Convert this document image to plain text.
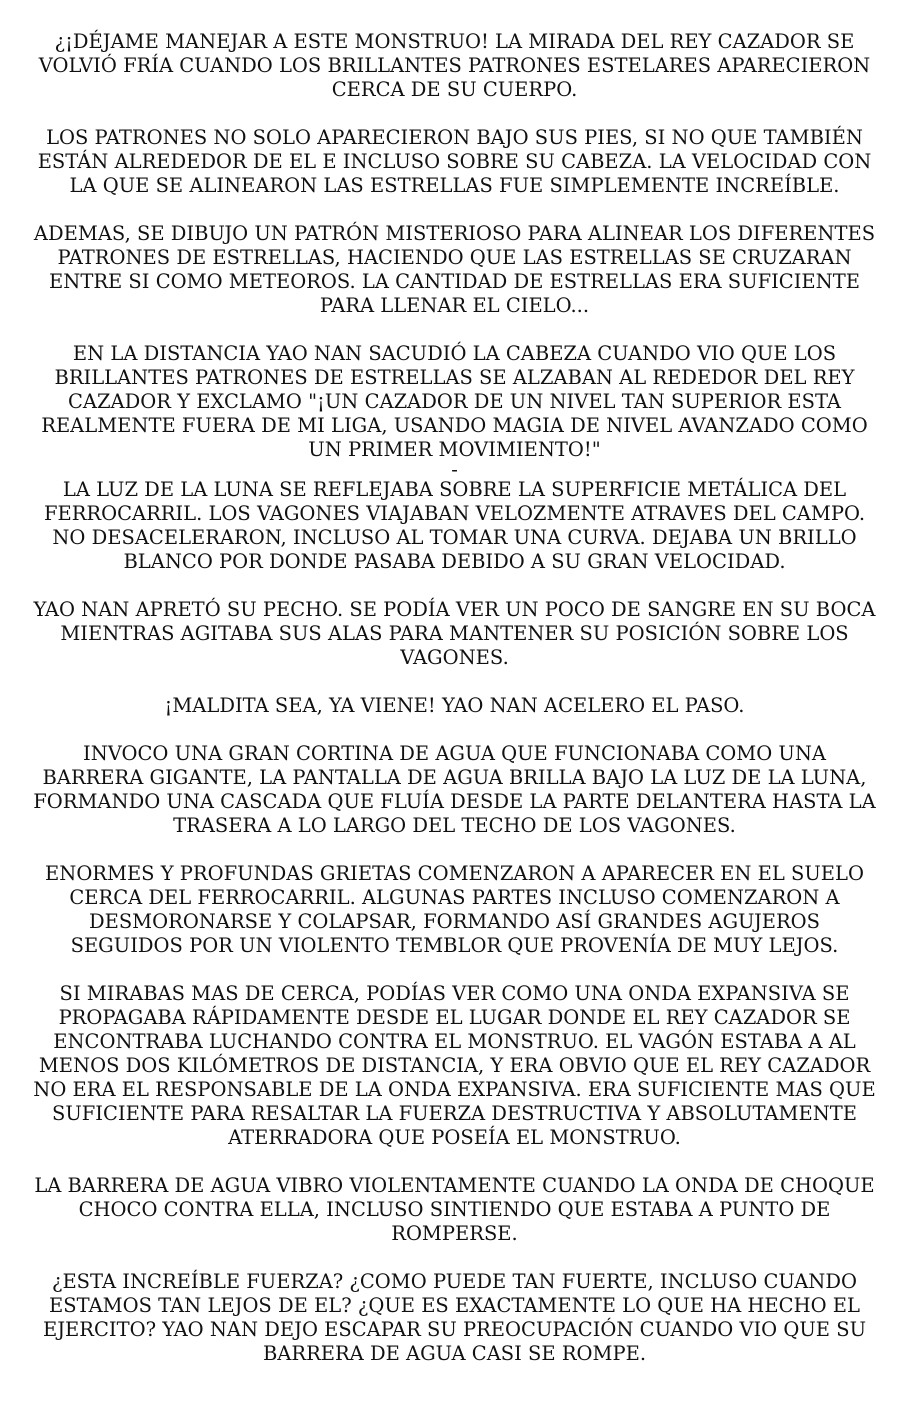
¿¡DÉJAME MANEJAR A ESTE MONSTRUO! LA MIRADA DEL REY CAZADOR SE VOLVIÓ FRÍA CUANDO LOS BRILLANTES PATRONES ESTELARES APARECIERON CERCA DE SU CUERPO.

LOS PATRONES NO SOLO APARECIERON BAJO SUS PIES, SI NO QUE TAMBIÉN ESTÁN ALREDEDOR DE EL E INCLUSO SOBRE SU CABEZA. LA VELOCIDAD CON LA QUE SE ALINEARON LAS ESTRELLAS FUE SIMPLEMENTE INCREÍBLE.

ADEMAS, SE DIBUJO UN PATRÓN MISTERIOSO PARA ALINEAR LOS DIFERENTES PATRONES DE ESTRELLAS, HACIENDO QUE LAS ESTRELLAS SE CRUZARAN ENTRE SI COMO METEOROS. LA CANTIDAD DE ESTRELLAS ERA SUFICIENTE PARA LLENAR EL CIELO...

EN LA DISTANCIA YAO NAN SACUDIÓ LA CABEZA CUANDO VIO QUE LOS BRILLANTES PATRONES DE ESTRELLAS SE ALZABAN AL REDEDOR DEL REY CAZADOR Y EXCLAMO "¡UN CAZADOR DE UN NIVEL TAN SUPERIOR ESTA REALMENTE FUERA DE MI LIGA, USANDO MAGIA DE NIVEL AVANZADO COMO UN PRIMER MOVIMIENTO!"

-

LA LUZ DE LA LUNA SE REFLEJABA SOBRE LA SUPERFICIE METÁLICA DEL FERROCARRIL. LOS VAGONES VIAJABAN VELOZMENTE ATRAVES DEL CAMPO. NO DESACELERARON, INCLUSO AL TOMAR UNA CURVA. DEJABA UN BRILLO BLANCO POR DONDE PASABA DEBIDO A SU GRAN VELOCIDAD.

YAO NAN APRETÓ SU PECHO. SE PODÍA VER UN POCO DE SANGRE EN SU BOCA MIENTRAS AGITABA SUS ALAS PARA MANTENER SU POSICIÓN SOBRE LOS VAGONES.

¡MALDITA SEA, YA VIENE! YAO NAN ACELERO EL PASO.

INVOCO UNA GRAN CORTINA DE AGUA QUE FUNCIONABA COMO UNA BARRERA GIGANTE, LA PANTALLA DE AGUA BRILLA BAJO LA LUZ DE LA LUNA, FORMANDO UNA CASCADA QUE FLUÍA DESDE LA PARTE DELANTERA HASTA LA TRASERA A LO LARGO DEL TECHO DE LOS VAGONES.

ENORMES Y PROFUNDAS GRIETAS COMENZARON A APARECER EN EL SUELO CERCA DEL FERROCARRIL. ALGUNAS PARTES INCLUSO COMENZARON A DESMORONARSE Y COLAPSAR, FORMANDO ASÍ GRANDES AGUJEROS SEGUIDOS POR UN VIOLENTO TEMBLOR QUE PROVENÍA DE MUY LEJOS.

SI MIRABAS MAS DE CERCA, PODÍAS VER COMO UNA ONDA EXPANSIVA SE PROPAGABA RÁPIDAMENTE DESDE EL LUGAR DONDE EL REY CAZADOR SE ENCONTRABA LUCHANDO CONTRA EL MONSTRUO. EL VAGÓN ESTABA A AL MENOS DOS KILÓMETROS DE DISTANCIA, Y ERA OBVIO QUE EL REY CAZADOR NO ERA EL RESPONSABLE DE LA ONDA EXPANSIVA. ERA SUFICIENTE MAS QUE SUFICIENTE PARA RESALTAR LA FUERZA DESTRUCTIVA Y ABSOLUTAMENTE ATERRADORA QUE POSEÍA EL MONSTRUO.

LA BARRERA DE AGUA VIBRO VIOLENTAMENTE CUANDO LA ONDA DE CHOQUE CHOCO CONTRA ELLA, INCLUSO SINTIENDO QUE ESTABA A PUNTO DE ROMPERSE.

¿ESTA INCREÍBLE FUERZA? ¿COMO PUEDE TAN FUERTE, INCLUSO CUANDO ESTAMOS TAN LEJOS DE EL? ¿QUE ES EXACTAMENTE LO QUE HA HECHO EL EJERCITO? YAO NAN DEJO ESCAPAR SU PREOCUPACIÓN CUANDO VIO QUE SU BARRERA DE AGUA CASI SE ROMPE.
